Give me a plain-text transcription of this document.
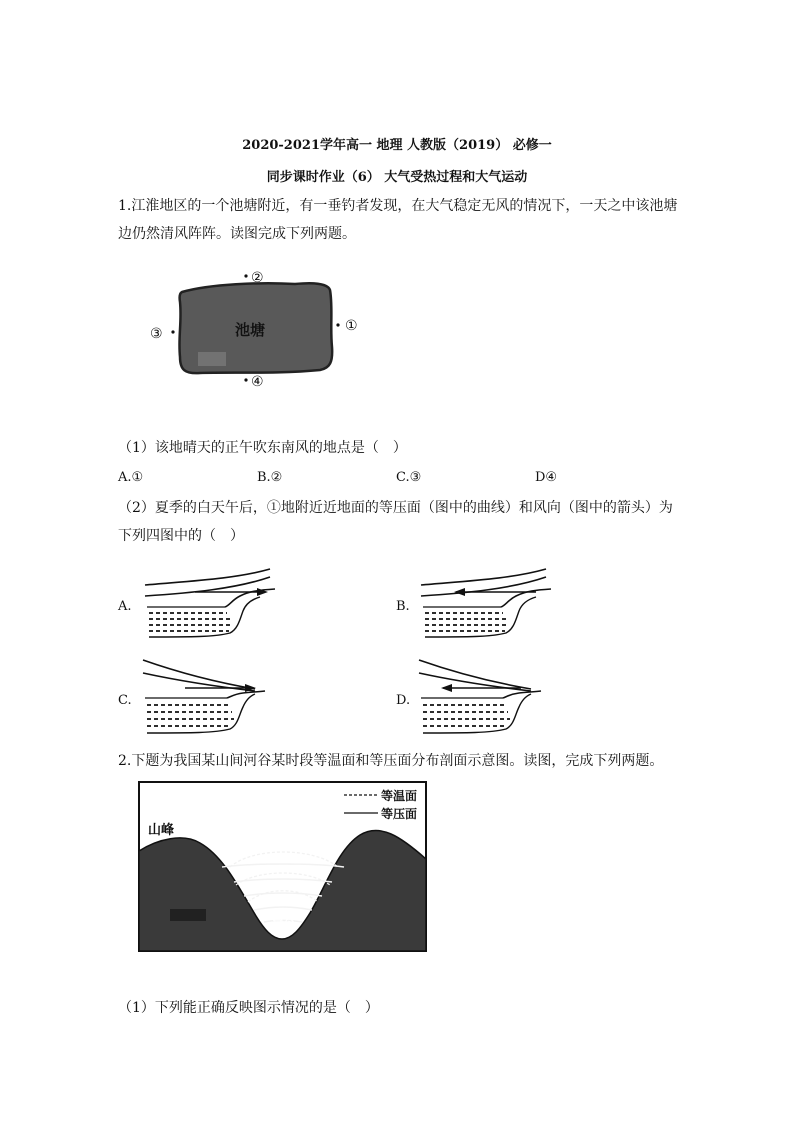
2020-2021学年高一 地理 人教版（2019） 必修一
同步课时作业（6） 大气受热过程和大气运动
1.江淮地区的一个池塘附近，有一垂钓者发现，在大气稳定无风的情况下，一天之中该池塘边仍然清风阵阵。读图完成下列两题。
池塘	①
②
③
④
（1）该地晴天的正午吹东南风的地点是（　）
A.①	B.②	C.③	D④
（2）夏季的白天午后，①地附近近地面的等压面（图中的曲线）和风向（图中的箭头）为下列四图中的（　）
A.	B.
C.	D.
2.下题为我国某山间河谷某时段等温面和等压面分布剖面示意图。读图，完成下列两题。
等温面
等压面
山峰
河谷
（1）下列能正确反映图示情况的是（　）
